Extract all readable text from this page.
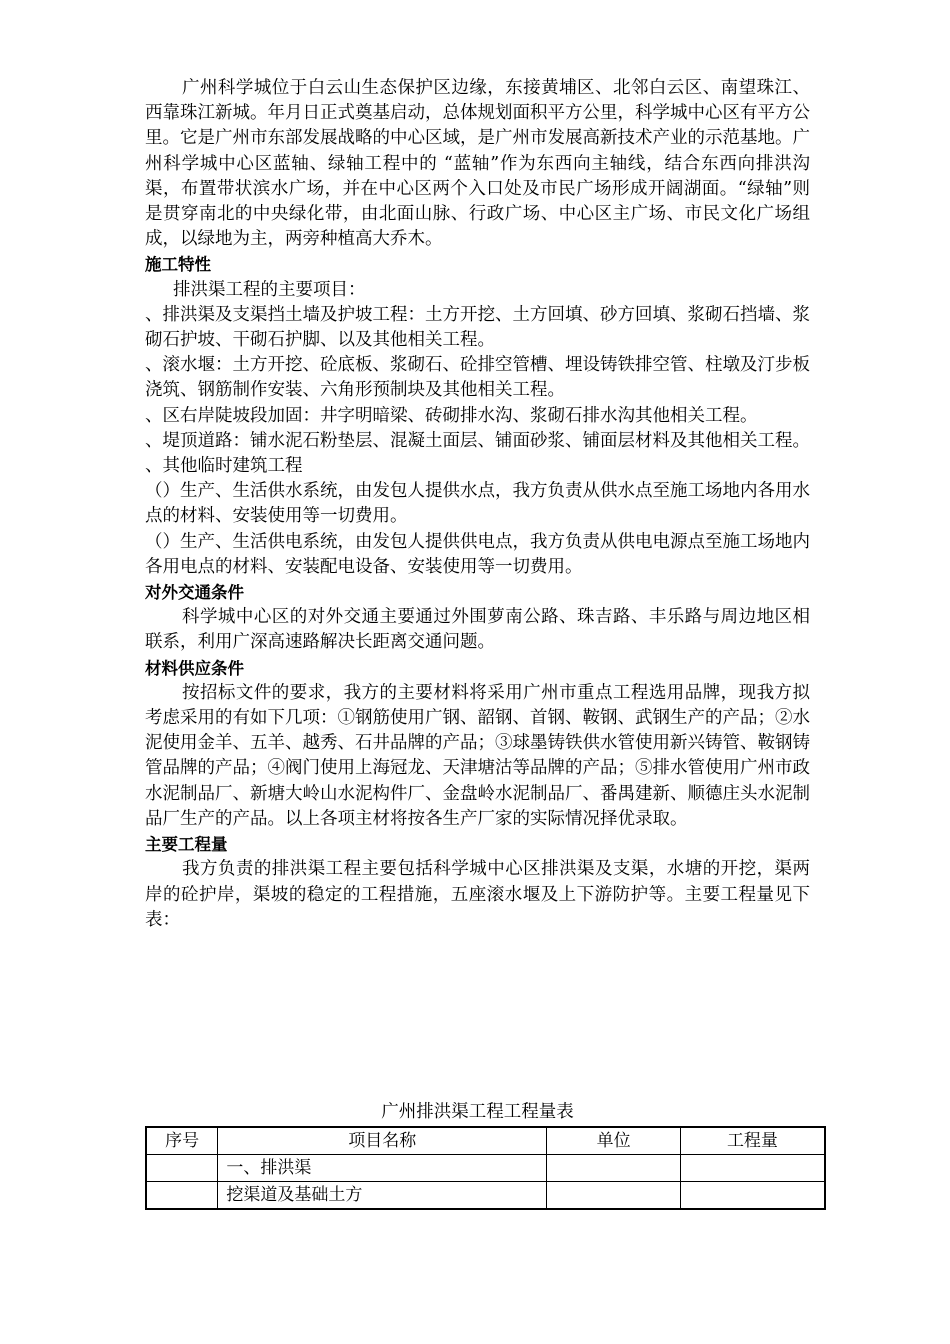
广州科学城位于白云山生态保护区边缘，东接黄埔区、北邻白云区、南望珠江、西靠珠江新城。年月日正式奠基启动，总体规划面积平方公里，科学城中心区有平方公里。它是广州市东部发展战略的中心区域，是广州市发展高新技术产业的示范基地。广州科学城中心区蓝轴、绿轴工程中的 “蓝轴”作为东西向主轴线，结合东西向排洪沟渠，布置带状滨水广场，并在中心区两个入口处及市民广场形成开阔湖面。“绿轴”则是贯穿南北的中央绿化带，由北面山脉、行政广场、中心区主广场、市民文化广场组成，以绿地为主，两旁种植高大乔木。

施工特性

排洪渠工程的主要项目：

、排洪渠及支渠挡土墙及护坡工程：土方开挖、土方回填、砂方回填、浆砌石挡墙、浆砌石护坡、干砌石护脚、以及其他相关工程。

、滚水堰：土方开挖、砼底板、浆砌石、砼排空管槽、埋设铸铁排空管、柱墩及汀步板浇筑、钢筋制作安装、六角形预制块及其他相关工程。

、区右岸陡坡段加固：井字明暗梁、砖砌排水沟、浆砌石排水沟其他相关工程。

、堤顶道路：铺水泥石粉垫层、混凝土面层、铺面砂浆、铺面层材料及其他相关工程。

、其他临时建筑工程

（）生产、生活供水系统，由发包人提供水点，我方负责从供水点至施工场地内各用水点的材料、安装使用等一切费用。

（）生产、生活供电系统，由发包人提供供电点，我方负责从供电电源点至施工场地内各用电点的材料、安装配电设备、安装使用等一切费用。

对外交通条件

科学城中心区的对外交通主要通过外围萝南公路、珠吉路、丰乐路与周边地区相联系，利用广深高速路解决长距离交通问题。

材料供应条件

按招标文件的要求，我方的主要材料将采用广州市重点工程选用品牌，现我方拟考虑采用的有如下几项：①钢筋使用广钢、韶钢、首钢、鞍钢、武钢生产的产品；②水泥使用金羊、五羊、越秀、石井品牌的产品；③球墨铸铁供水管使用新兴铸管、鞍钢铸管品牌的产品；④阀门使用上海冠龙、天津塘沽等品牌的产品；⑤排水管使用广州市政水泥制品厂、新塘大岭山水泥构件厂、金盘岭水泥制品厂、番禺建新、顺德庄头水泥制品厂生产的产品。以上各项主材将按各生产厂家的实际情况择优录取。

主要工程量

我方负责的排洪渠工程主要包括科学城中心区排洪渠及支渠，水塘的开挖，渠两岸的砼护岸，渠坡的稳定的工程措施，五座滚水堰及上下游防护等。主要工程量见下表：

广州排洪渠工程工程量表

序号	项目名称	单位	工程量
	一、排洪渠		
	挖渠道及基础土方		
